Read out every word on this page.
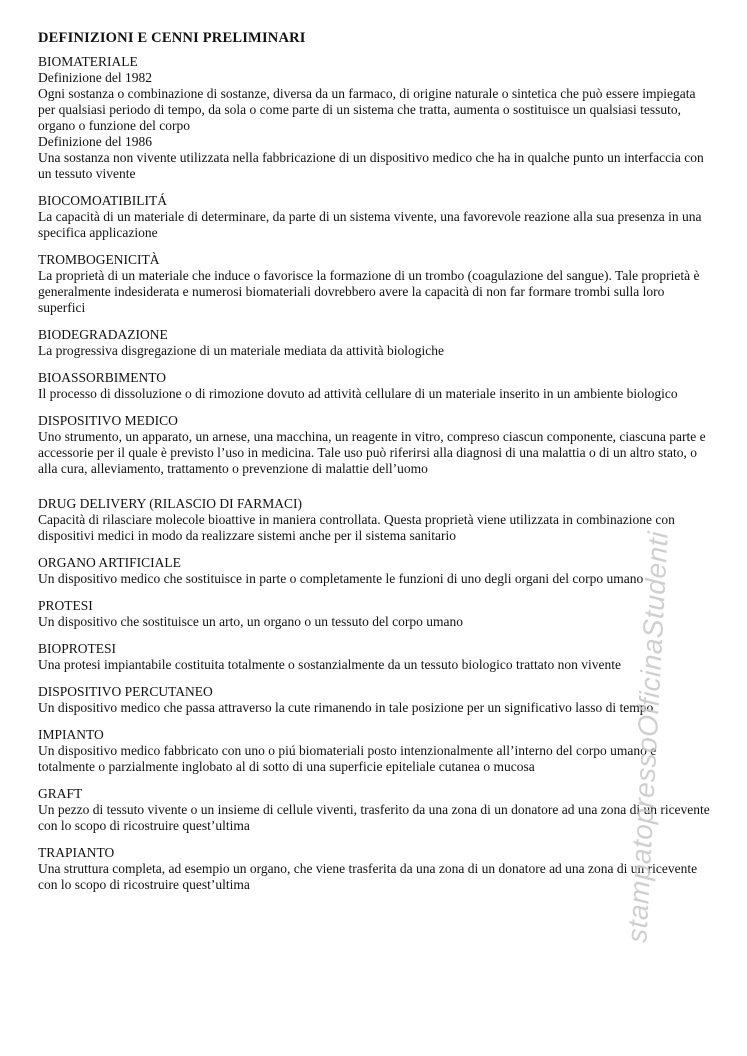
DEFINIZIONI E CENNI PRELIMINARI
BIOMATERIALE

Definizione del 1982

Ogni sostanza o combinazione di sostanze, diversa da un farmaco, di origine naturale o sintetica che può essere impiegata per qualsiasi periodo di tempo, da sola o come parte di un sistema che tratta, aumenta o sostituisce un qualsiasi tessuto, organo o funzione del corpo

Definizione del 1986

Una sostanza non vivente utilizzata nella fabbricazione di un dispositivo medico che ha in qualche punto un interfaccia con un tessuto vivente

BIOCOMOATIBILITÁ

La capacità di un materiale di determinare, da parte di un sistema vivente, una favorevole reazione alla sua presenza in una specifica applicazione

TROMBOGENICITÀ

La proprietà di un materiale che induce o favorisce la formazione di un trombo (coagulazione del sangue). Tale proprietà è generalmente indesiderata e numerosi biomateriali dovrebbero avere la capacità di non far formare trombi sulla loro superfici

BIODEGRADAZIONE

La progressiva disgregazione di un materiale mediata da attività biologiche

BIOASSORBIMENTO

Il processo di dissoluzione o di rimozione dovuto ad attività cellulare di un materiale inserito in un ambiente biologico

DISPOSITIVO MEDICO

Uno strumento, un apparato, un arnese, una macchina, un reagente in vitro, compreso ciascun componente, ciascuna parte e accessorie per il quale è previsto l’uso in medicina. Tale uso può riferirsi alla diagnosi di una malattia o di un altro stato, o alla cura, alleviamento, trattamento o prevenzione di malattie dell’uomo

DRUG DELIVERY (RILASCIO DI FARMACI)

Capacità di rilasciare molecole bioattive in maniera controllata. Questa proprietà viene utilizzata in combinazione con dispositivi medici in modo da realizzare sistemi anche per il sistema sanitario

ORGANO ARTIFICIALE

Un dispositivo medico che sostituisce in parte o completamente le funzioni di uno degli organi del corpo umano

PROTESI

Un dispositivo che sostituisce un arto, un organo o un tessuto del corpo umano

BIOPROTESI

Una protesi impiantabile costituita totalmente o sostanzialmente da un tessuto biologico trattato non vivente

DISPOSITIVO PERCUTANEO

Un dispositivo medico che passa attraverso la cute rimanendo in tale posizione per un significativo lasso di tempo

IMPIANTO

Un dispositivo medico fabbricato con uno o piú biomateriali posto intenzionalmente all’interno del corpo umano e totalmente o parzialmente inglobato al di sotto di una superficie epiteliale cutanea o mucosa

GRAFT

Un pezzo di tessuto vivente o un insieme di cellule viventi, trasferito da una zona di un donatore ad una zona di un ricevente con lo scopo di ricostruire quest’ultima

TRAPIANTO

Una struttura completa, ad esempio un organo, che viene trasferita da una zona di un donatore ad una zona di un ricevente con lo scopo di ricostruire quest’ultima	stampatopressoOfficinaStudenti
